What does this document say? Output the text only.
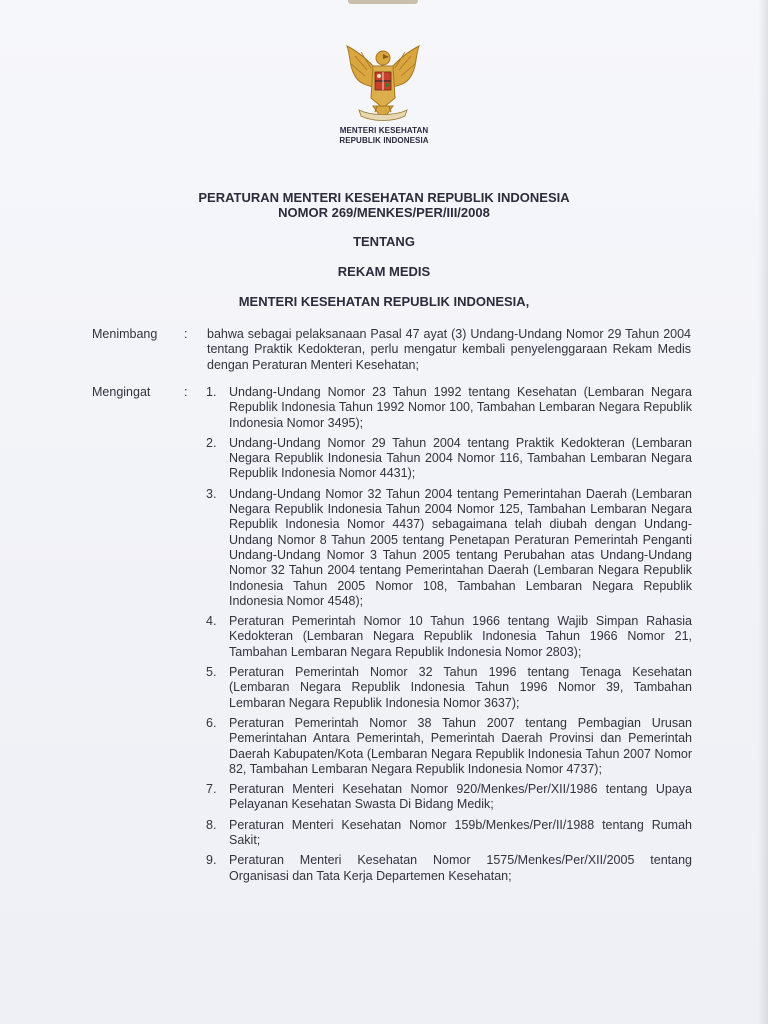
MENTERI KESEHATAN
REPUBLIK INDONESIA
PERATURAN MENTERI KESEHATAN REPUBLIK INDONESIA
NOMOR 269/MENKES/PER/III/2008
TENTANG
REKAM MEDIS
MENTERI KESEHATAN REPUBLIK INDONESIA,
Menimbang : bahwa sebagai pelaksanaan Pasal 47 ayat (3) Undang-Undang Nomor 29 Tahun 2004 tentang Praktik Kedokteran, perlu mengatur kembali penyelenggaraan Rekam Medis dengan Peraturan Menteri Kesehatan;
Mengingat	: 1.	Undang-Undang Nomor 23 Tahun 1992 tentang Kesehatan (Lembaran Negara Republik Indonesia Tahun 1992 Nomor 100, Tambahan Lembaran Negara Republik Indonesia Nomor 3495);
2.	Undang-Undang Nomor 29 Tahun 2004 tentang Praktik Kedokteran (Lembaran Negara Republik Indonesia Tahun 2004 Nomor 116, Tambahan Lembaran Negara Republik Indonesia Nomor 4431);
3.	Undang-Undang Nomor 32 Tahun 2004 tentang Pemerintahan Daerah (Lembaran Negara Republik Indonesia Tahun 2004 Nomor 125, Tambahan Lembaran Negara Republik Indonesia Nomor 4437) sebagaimana telah diubah dengan Undang-Undang Nomor 8 Tahun 2005 tentang Penetapan Peraturan Pemerintah Penganti Undang-Undang Nomor 3 Tahun 2005 tentang Perubahan atas Undang-Undang Nomor 32 Tahun 2004 tentang Pemerintahan Daerah (Lembaran Negara Republik Indonesia Tahun 2005 Nomor 108, Tambahan Lembaran Negara Republik Indonesia Nomor 4548);
4.	Peraturan Pemerintah Nomor 10 Tahun 1966 tentang Wajib Simpan Rahasia Kedokteran (Lembaran Negara Republik Indonesia Tahun 1966 Nomor 21, Tambahan Lembaran Negara Republik Indonesia Nomor 2803);
5.	Peraturan Pemerintah Nomor 32 Tahun 1996 tentang Tenaga Kesehatan (Lembaran Negara Republik Indonesia Tahun 1996 Nomor 39, Tambahan Lembaran Negara Republik Indonesia Nomor 3637);
6.	Peraturan Pemerintah Nomor 38 Tahun 2007 tentang Pembagian Urusan Pemerintahan Antara Pemerintah, Pemerintah Daerah Provinsi dan Pemerintah Daerah Kabupaten/Kota (Lembaran Negara Republik Indonesia Tahun 2007 Nomor 82, Tambahan Lembaran Negara Republik Indonesia Nomor 4737);
7.	Peraturan Menteri Kesehatan Nomor 920/Menkes/Per/XII/1986 tentang Upaya Pelayanan Kesehatan Swasta Di Bidang Medik;
8.	Peraturan Menteri Kesehatan Nomor 159b/Menkes/Per/II/1988 tentang Rumah Sakit;
9.	Peraturan Menteri Kesehatan Nomor 1575/Menkes/Per/XII/2005 tentang Organisasi dan Tata Kerja Departemen Kesehatan;
